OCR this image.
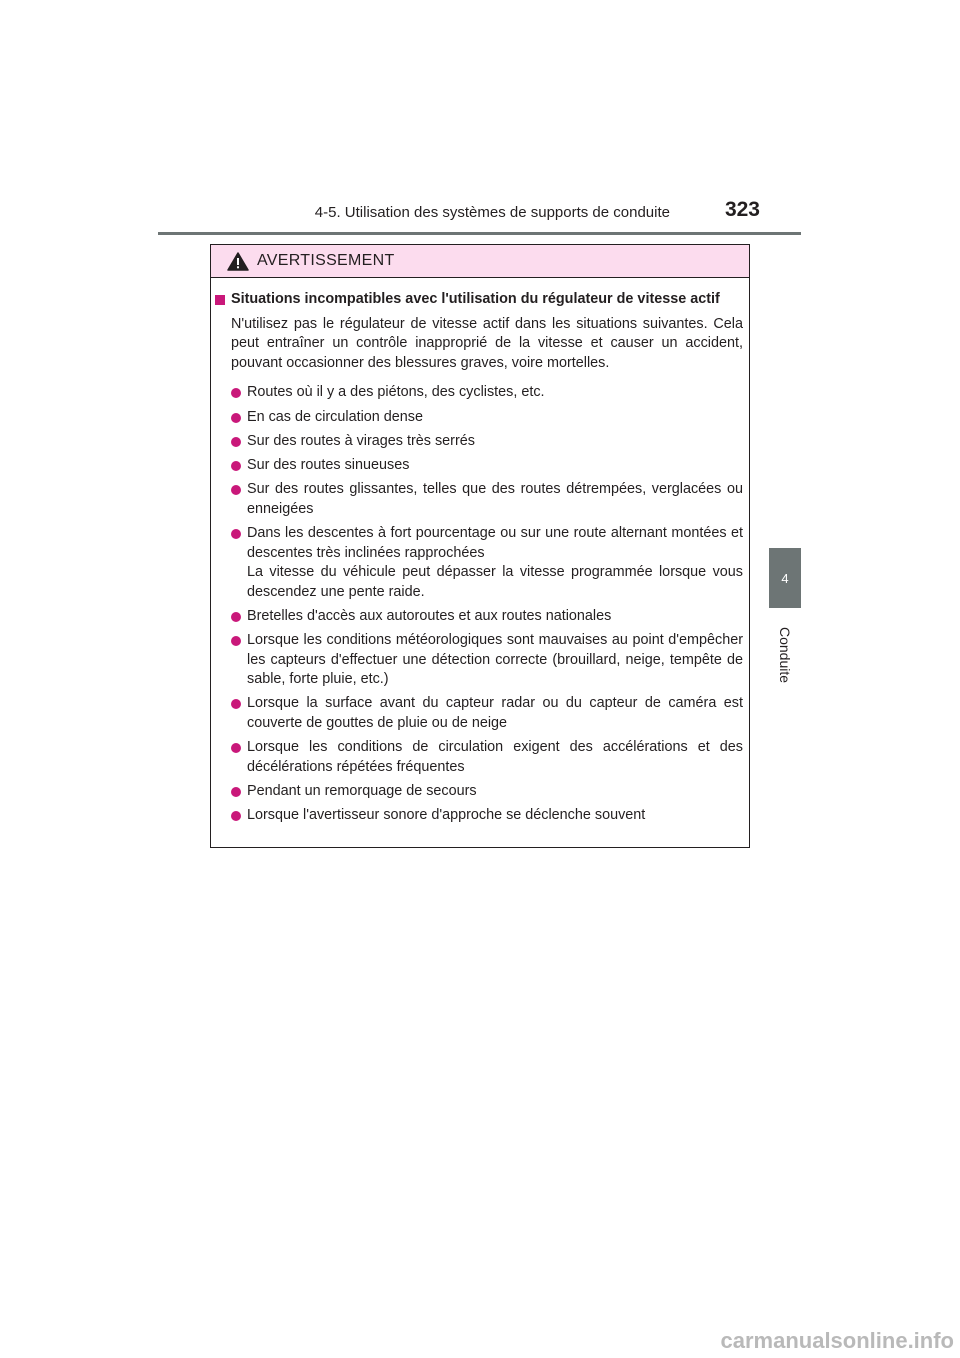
4-5. Utilisation des systèmes de supports de conduite	323
4
Conduite
AVERTISSEMENT
Situations incompatibles avec l'utilisation du régulateur de vitesse actif
N'utilisez pas le régulateur de vitesse actif dans les situations suivantes. Cela peut entraîner un contrôle inapproprié de la vitesse et causer un accident, pouvant occasionner des blessures graves, voire mortelles.
Routes où il y a des piétons, des cyclistes, etc.
En cas de circulation dense
Sur des routes à virages très serrés
Sur des routes sinueuses
Sur des routes glissantes, telles que des routes détrempées, verglacées ou enneigées
Dans les descentes à fort pourcentage ou sur une route alternant montées et descentes très inclinées rapprochées
La vitesse du véhicule peut dépasser la vitesse programmée lorsque vous descendez une pente raide.
Bretelles d'accès aux autoroutes et aux routes nationales
Lorsque les conditions météorologiques sont mauvaises au point d'empêcher les capteurs d'effectuer une détection correcte (brouillard, neige, tempête de sable, forte pluie, etc.)
Lorsque la surface avant du capteur radar ou du capteur de caméra est couverte de gouttes de pluie ou de neige
Lorsque les conditions de circulation exigent des accélérations et des décélérations répétées fréquentes
Pendant un remorquage de secours
Lorsque l'avertisseur sonore d'approche se déclenche souvent
carmanualsonline.info
